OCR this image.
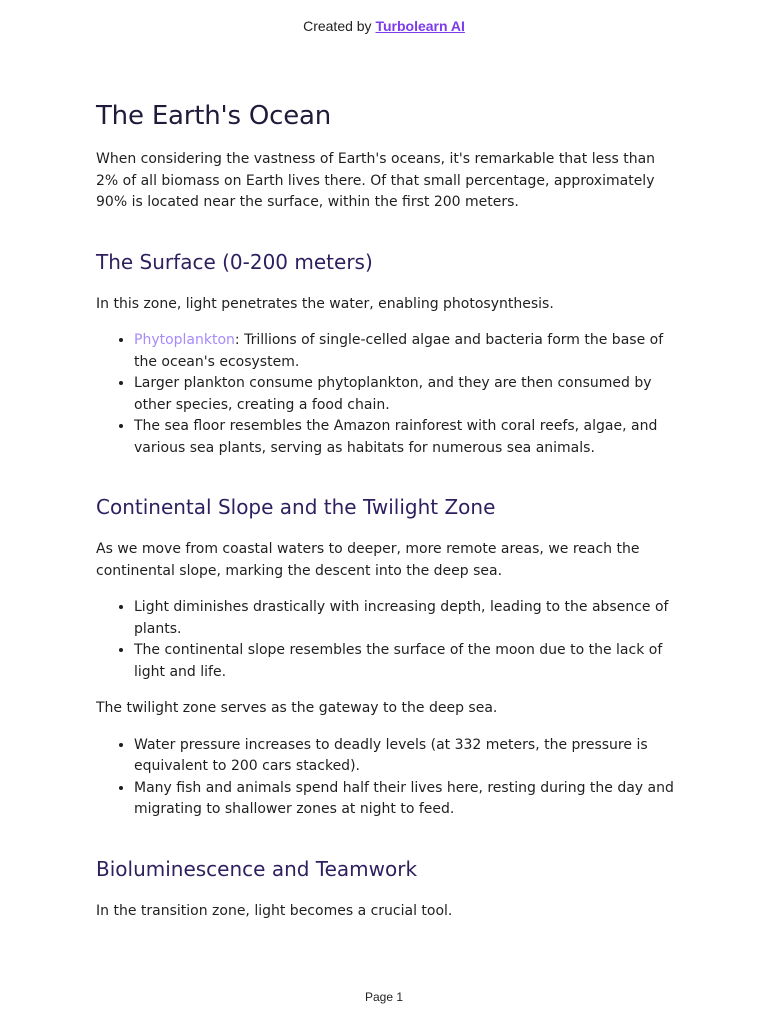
Created by Turbolearn AI
The Earth's Ocean

When considering the vastness of Earth's oceans, it's remarkable that less than 2% of all biomass on Earth lives there. Of that small percentage, approximately 90% is located near the surface, within the first 200 meters.

The Surface (0-200 meters)

In this zone, light penetrates the water, enabling photosynthesis.

• Phytoplankton: Trillions of single-celled algae and bacteria form the base of the ocean's ecosystem.
• Larger plankton consume phytoplankton, and they are then consumed by other species, creating a food chain.
• The sea floor resembles the Amazon rainforest with coral reefs, algae, and various sea plants, serving as habitats for numerous sea animals.
Continental Slope and the Twilight Zone

As we move from coastal waters to deeper, more remote areas, we reach the continental slope, marking the descent into the deep sea.

• Light diminishes drastically with increasing depth, leading to the absence of plants.
• The continental slope resembles the surface of the moon due to the lack of light and life.

The twilight zone serves as the gateway to the deep sea.

• Water pressure increases to deadly levels (at 332 meters, the pressure is equivalent to 200 cars stacked).
• Many fish and animals spend half their lives here, resting during the day and migrating to shallower zones at night to feed.
Bioluminescence and Teamwork

In the transition zone, light becomes a crucial tool.

Page 1
